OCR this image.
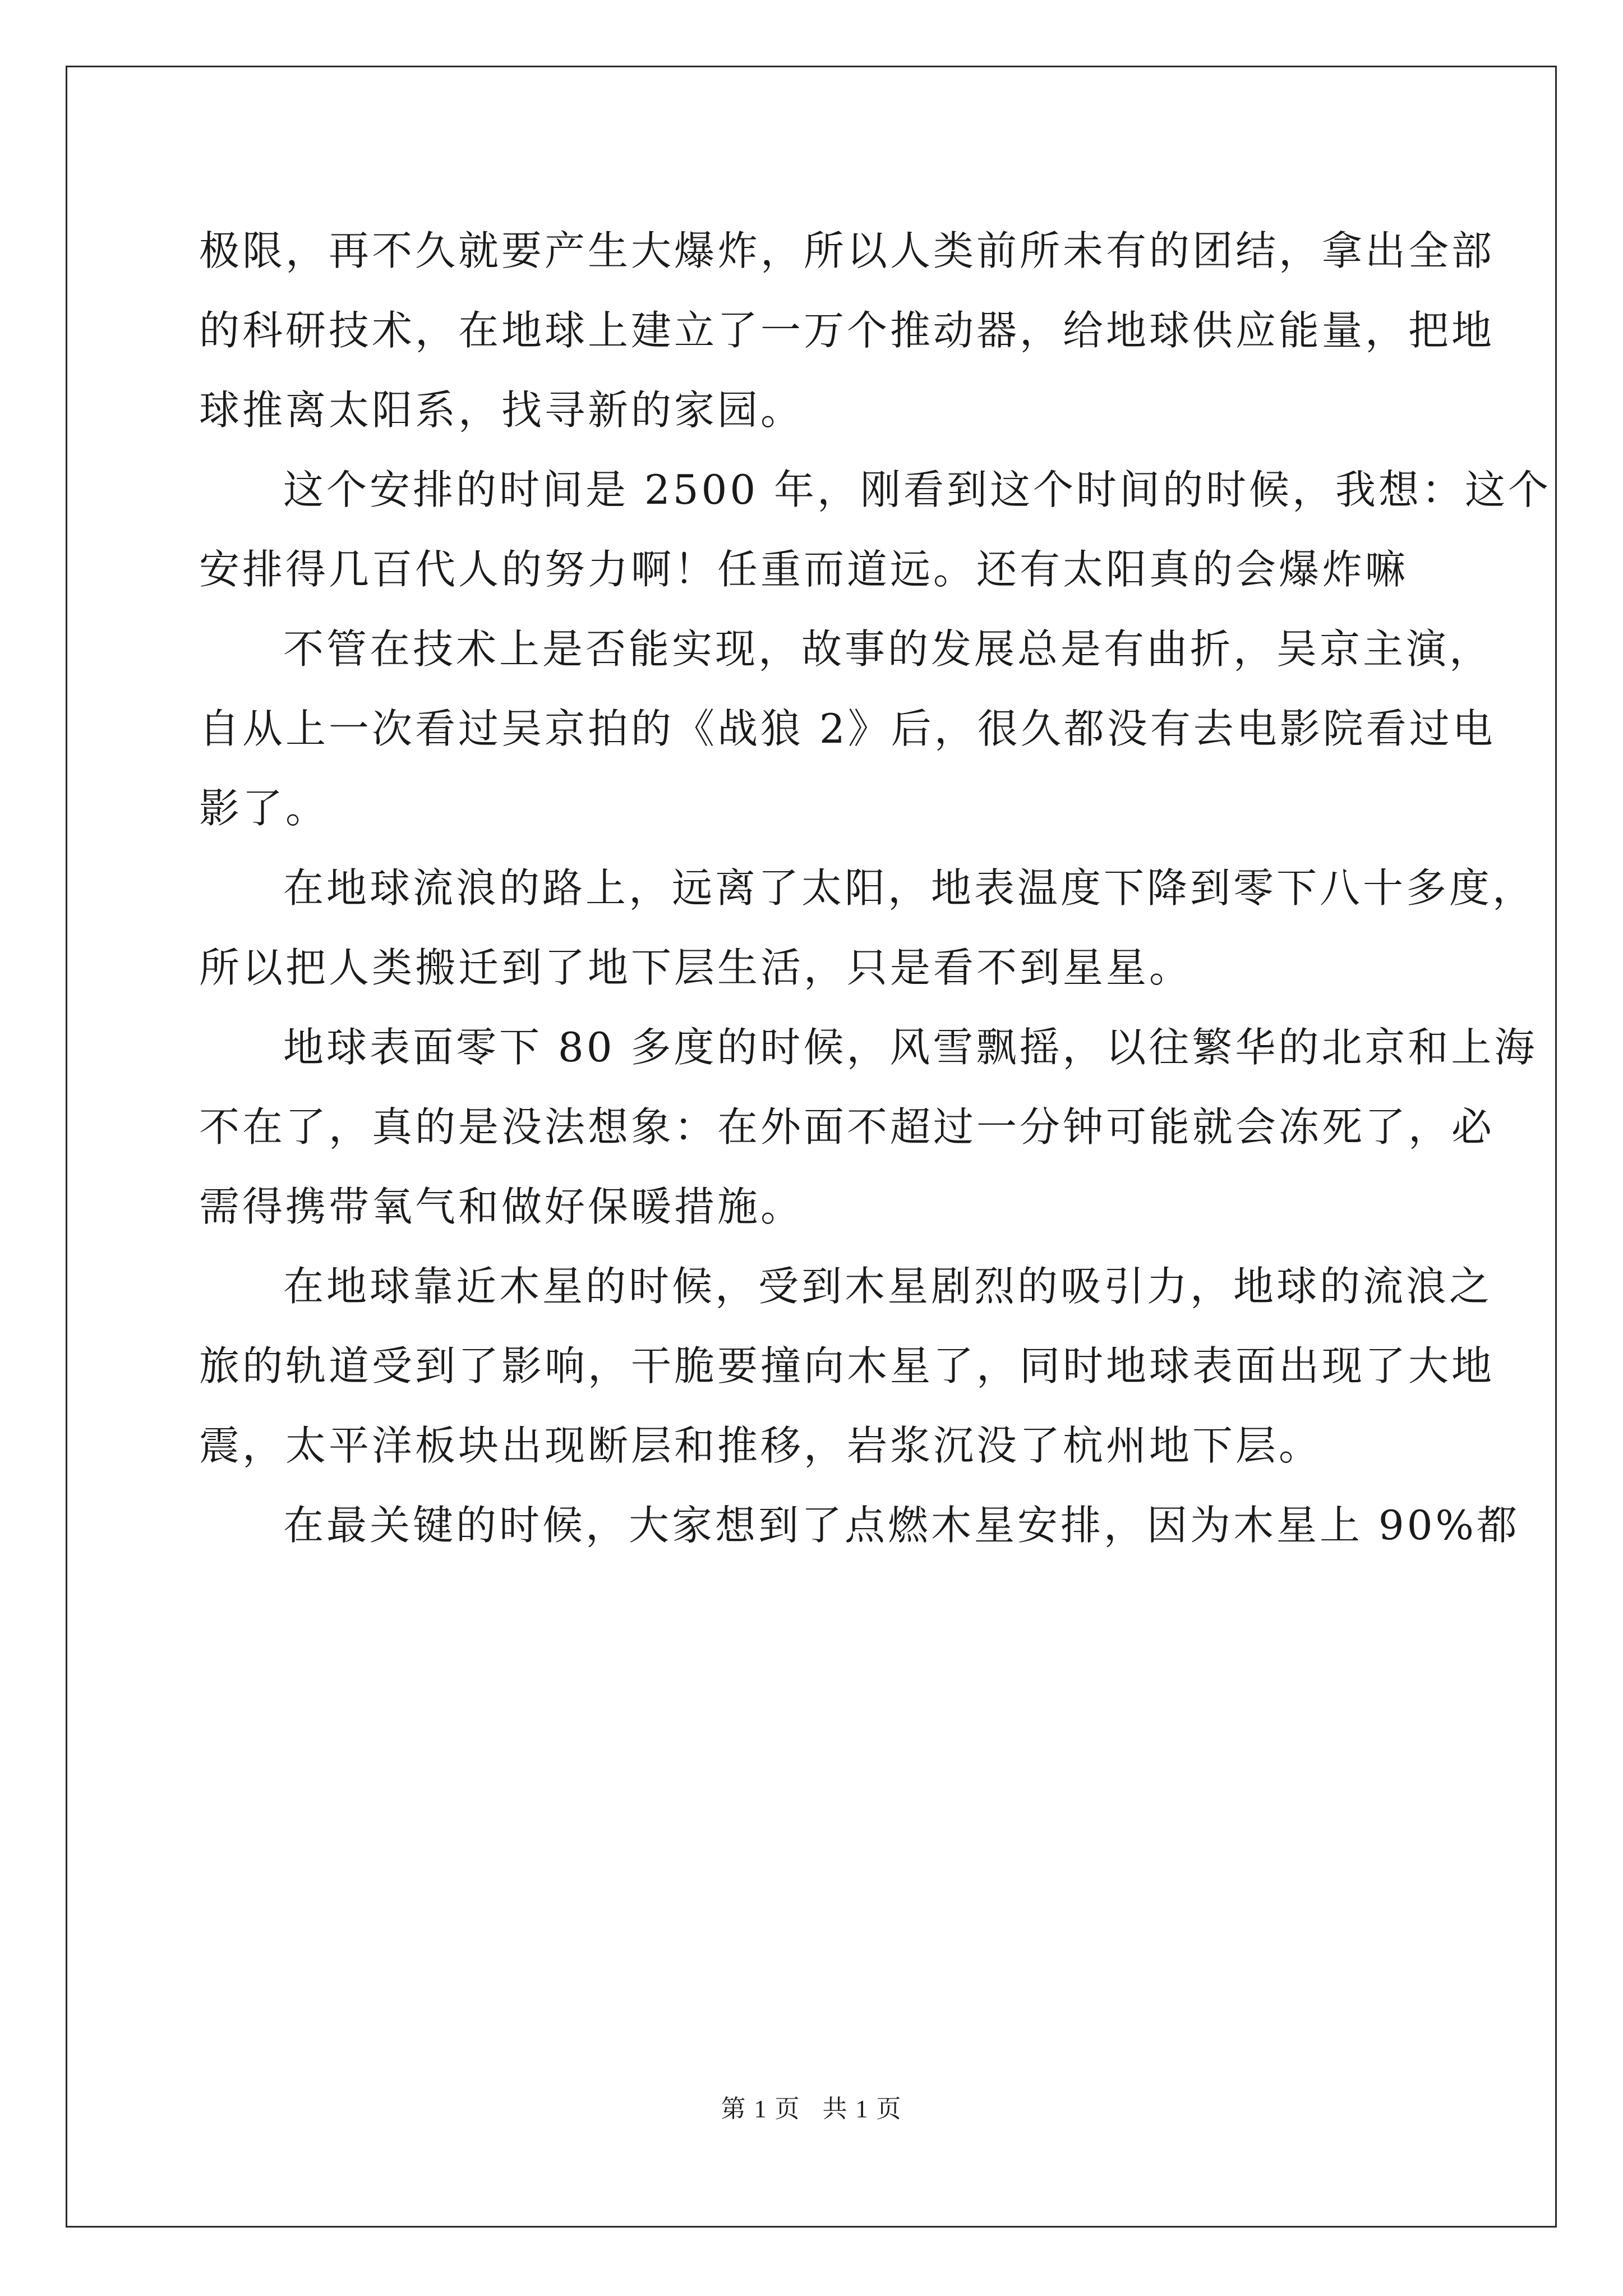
极限，再不久就要产生大爆炸，所以人类前所未有的团结，拿出全部
的科研技术，在地球上建立了一万个推动器，给地球供应能量，把地
球推离太阳系，找寻新的家园。

这个安排的时间是 2500 年，刚看到这个时间的时候，我想：这个
安排得几百代人的努力啊！任重而道远。还有太阳真的会爆炸嘛

不管在技术上是否能实现，故事的发展总是有曲折，吴京主演，
自从上一次看过吴京拍的《战狼 2》后，很久都没有去电影院看过电
影了。

在地球流浪的路上，远离了太阳，地表温度下降到零下八十多度，
所以把人类搬迁到了地下层生活，只是看不到星星。

地球表面零下 80 多度的时候，风雪飘摇，以往繁华的北京和上海
不在了，真的是没法想象：在外面不超过一分钟可能就会冻死了，必
需得携带氧气和做好保暖措施。

在地球靠近木星的时候，受到木星剧烈的吸引力，地球的流浪之
旅的轨道受到了影响，干脆要撞向木星了，同时地球表面出现了大地
震，太平洋板块出现断层和推移，岩浆沉没了杭州地下层。

在最关键的时候，大家想到了点燃木星安排，因为木星上 90%都

第 1 页 共 1 页
